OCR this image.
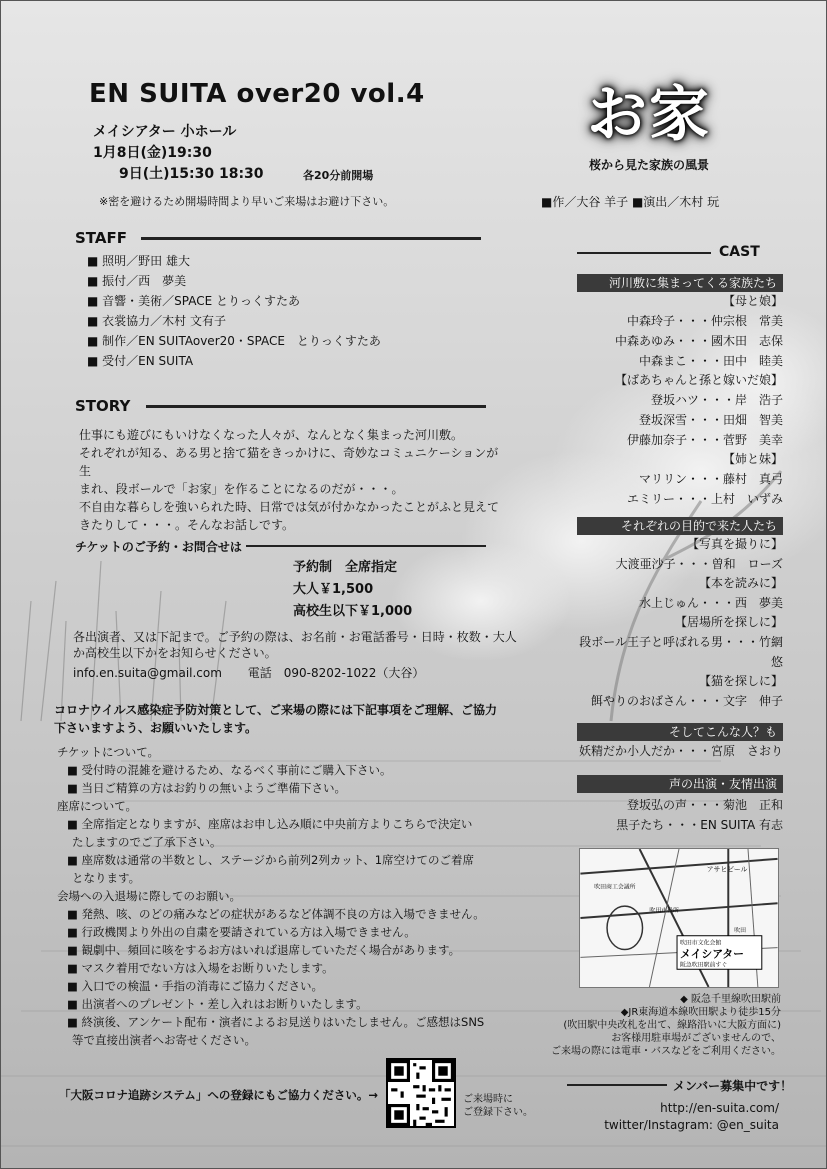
EN SUITA over20 vol.4
メイシアター 小ホール
1月8日(金)19:30
9日(土)15:30 18:30	各20分前開場
※密を避けるため開場時間より早いご来場はお避け下さい。
お家
桜から見た家族の風景
■作／大谷 羊子 ■演出／木村 玩
STAFF
■ 照明／野田 雄大
■ 振付／西　夢美
■ 音響・美術／SPACE とりっくすたあ
■ 衣裳協力／木村 文有子
■ 制作／EN SUITAover20・SPACE　とりっくすたあ
■ 受付／EN SUITA
STORY

仕事にも遊びにもいけなくなった人々が、なんとなく集まった河川敷。

それぞれが知る、ある男と捨て猫をきっかけに、奇妙なコミュニケーションが生

まれ、段ボールで「お家」を作ることになるのだが・・・。

不自由な暮らしを強いられた時、日常では気が付かなかったことがふと見えて

きたりして・・・。そんなお話しです。

チケットのご予約・お問合せは
予約制　全席指定
大人￥1,500
高校生以下￥1,000
各出演者、又は下記まで。ご予約の際は、お名前・お電話番号・日時・枚数・大人
か高校生以下かをお知らせください。
info.en.suita@gmail.com 電話　090-8202-1022（大谷）
コロナウイルス感染症予防対策として、ご来場の際には下記事項をご理解、ご協力
下さいますよう、お願いいたします。
チケットについて。
■ 受付時の混雑を避けるため、なるべく事前にご購入下さい。
■ 当日ご精算の方はお釣りの無いようご準備下さい。
座席について。
■ 全席指定となりますが、座席はお申し込み順に中央前方よりこちらで決定い
たしますのでご了承下さい。
■ 座席数は通常の半数とし、ステージから前列2列カット、1席空けてのご着席
となります。
会場への入退場に際してのお願い。
■ 発熱、咳、のどの痛みなどの症状があるなど体調不良の方は入場できません。
■ 行政機関より外出の自粛を要請されている方は入場できません。
■ 観劇中、頻回に咳をするお方はいれば退席していただく場合があります。
■ マスク着用でない方は入場をお断りいたします。
■ 入口での検温・手指の消毒にご協力ください。
■ 出演者へのプレゼント・差し入れはお断りいたします。
■ 終演後、アンケート配布・演者によるお見送りはいたしません。ご感想はSNS
等で直接出演者へお寄せください。
「大阪コロナ追跡システム」への登録にもご協力ください。→	ご来場時に
ご登録下さい。
CAST
河川敷に集まってくる家族たち
【母と娘】
中森玲子・・・仲宗根　常美
中森あゆみ・・・國木田　志保
中森まこ・・・田中　睦美
【ばあちゃんと孫と嫁いだ娘】
登坂ハツ・・・岸　浩子
登坂深雪・・・田畑　智美
伊藤加奈子・・・菅野　美幸
【姉と妹】
マリリン・・・藤村　真弓
エミリー・・・上村　いずみ
それぞれの目的で来た人たち
【写真を撮りに】
大渡亜沙子・・・曽和　ローズ
【本を読みに】
水上じゅん・・・西　夢美
【居場所を探しに】
段ボール王子と呼ばれる男・・・竹網　悠
【猫を探しに】
餌やりのおばさん・・・文字　伸子
そしてこんな人？も
妖精だか小人だか・・・宮原　さおり
声の出演・友情出演
登坂弘の声・・・菊池　正和
黒子たち・・・EN SUITA 有志
アサヒビール
吹田商工会議所
吹田市役所
吹田
メイシアター
吹田市文化会館
阪急吹田駅前すぐ
◆ 阪急千里線吹田駅前
◆JR東海道本線吹田駅より徒歩15分
(吹田駅中央改札を出て、線路沿いに大阪方面に)
お客様用駐車場がございませんので、
ご来場の際には電車・バスなどをご利用ください。
メンバー募集中です！
http://en-suita.com/
twitter/Instagram: @en_suita
